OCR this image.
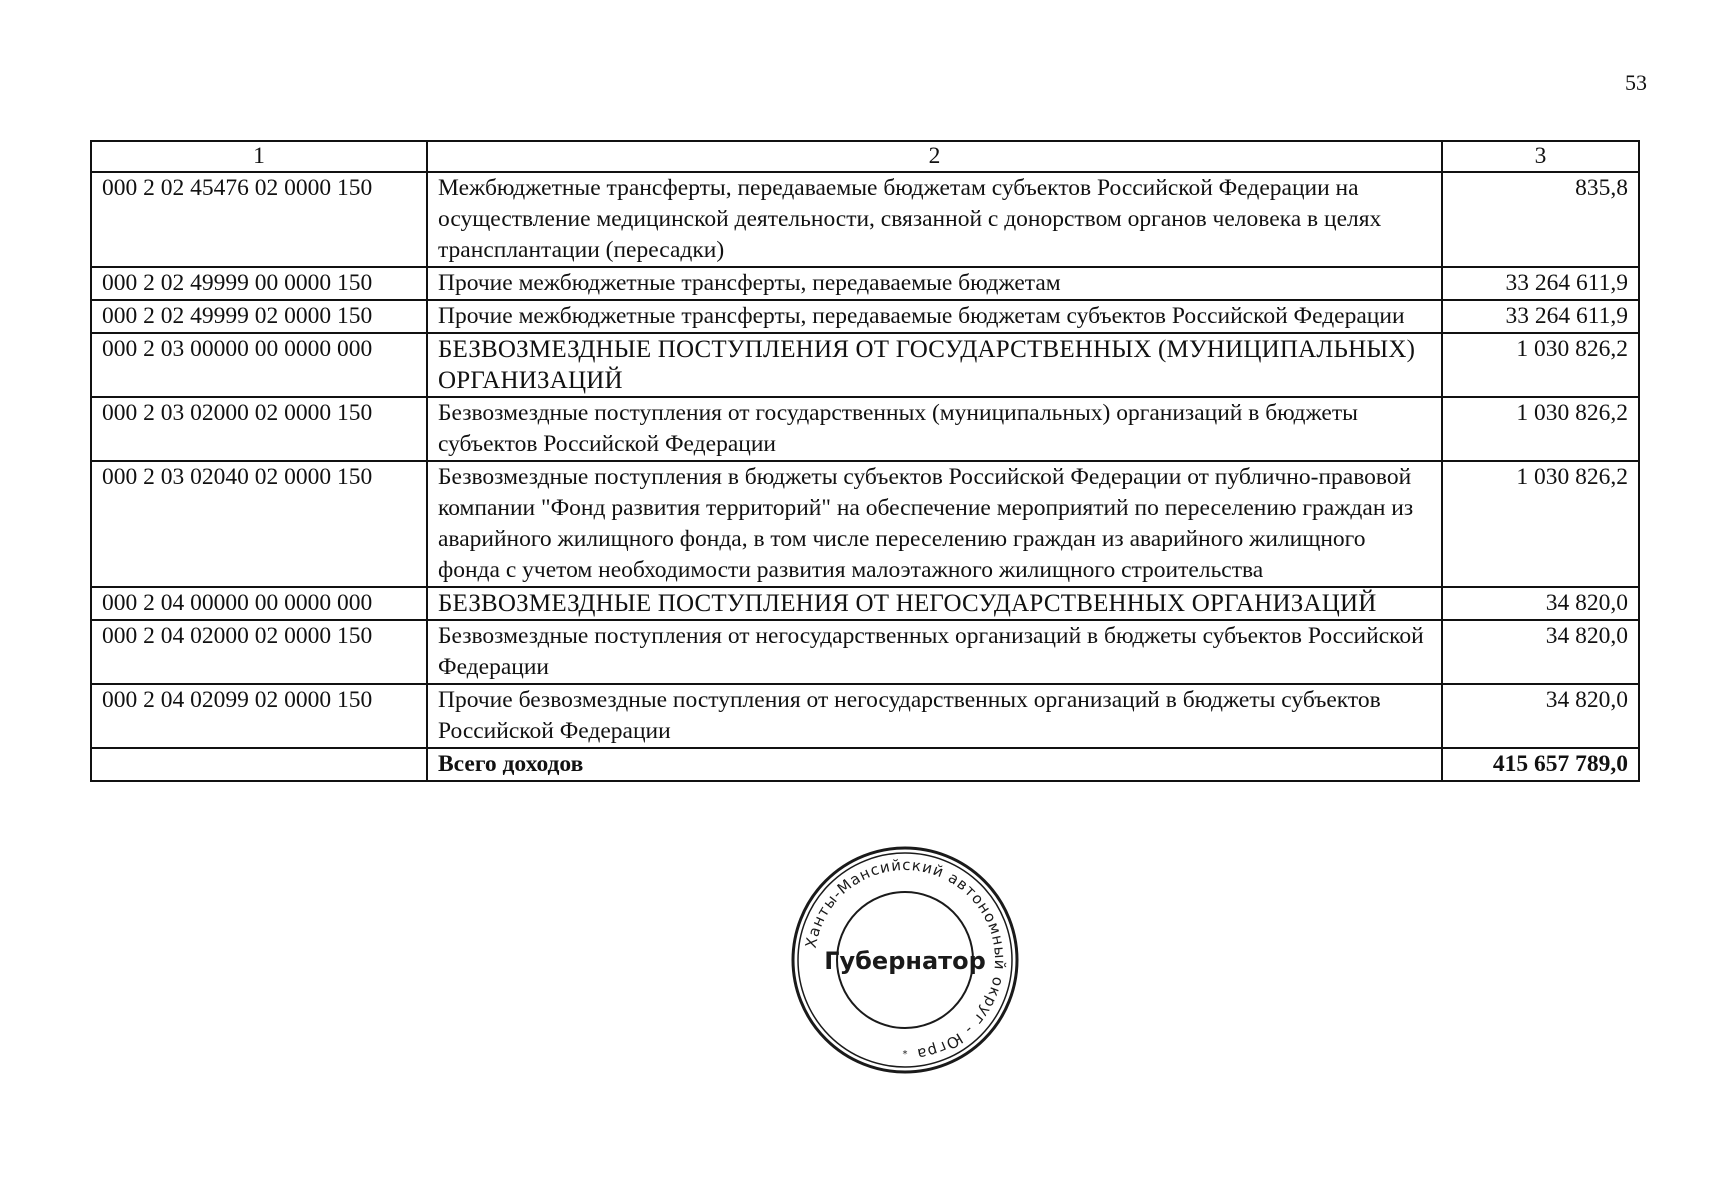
53
1	2	3
000 2 02 45476 02 0000 150	Межбюджетные трансферты, передаваемые бюджетам субъектов Российской Федерации на осуществление медицинской деятельности, связанной с донорством органов человека в целях трансплантации (пересадки)	835,8
000 2 02 49999 00 0000 150	Прочие межбюджетные трансферты, передаваемые бюджетам	33 264 611,9
000 2 02 49999 02 0000 150	Прочие межбюджетные трансферты, передаваемые бюджетам субъектов Российской Федерации	33 264 611,9
000 2 03 00000 00 0000 000	БЕЗВОЗМЕЗДНЫЕ ПОСТУПЛЕНИЯ ОТ ГОСУДАРСТВЕННЫХ (МУНИЦИПАЛЬНЫХ) ОРГАНИЗАЦИЙ	1 030 826,2
000 2 03 02000 02 0000 150	Безвозмездные поступления от государственных (муниципальных) организаций в бюджеты субъектов Российской Федерации	1 030 826,2
000 2 03 02040 02 0000 150	Безвозмездные поступления в бюджеты субъектов Российской Федерации от публично-правовой компании "Фонд развития территорий" на обеспечение мероприятий по переселению граждан из аварийного жилищного фонда, в том числе переселению граждан из аварийного жилищного фонда с учетом необходимости развития малоэтажного жилищного строительства	1 030 826,2
000 2 04 00000 00 0000 000	БЕЗВОЗМЕЗДНЫЕ ПОСТУПЛЕНИЯ ОТ НЕГОСУДАРСТВЕННЫХ ОРГАНИЗАЦИЙ	34 820,0
000 2 04 02000 02 0000 150	Безвозмездные поступления от негосударственных организаций в бюджеты субъектов Российской Федерации	34 820,0
000 2 04 02099 02 0000 150	Прочие безвозмездные поступления от негосударственных организаций в бюджеты субъектов Российской Федерации	34 820,0
	Всего доходов	415 657 789,0
Ханты-Мансийский автономный округ - Югра
Губернатор
*
